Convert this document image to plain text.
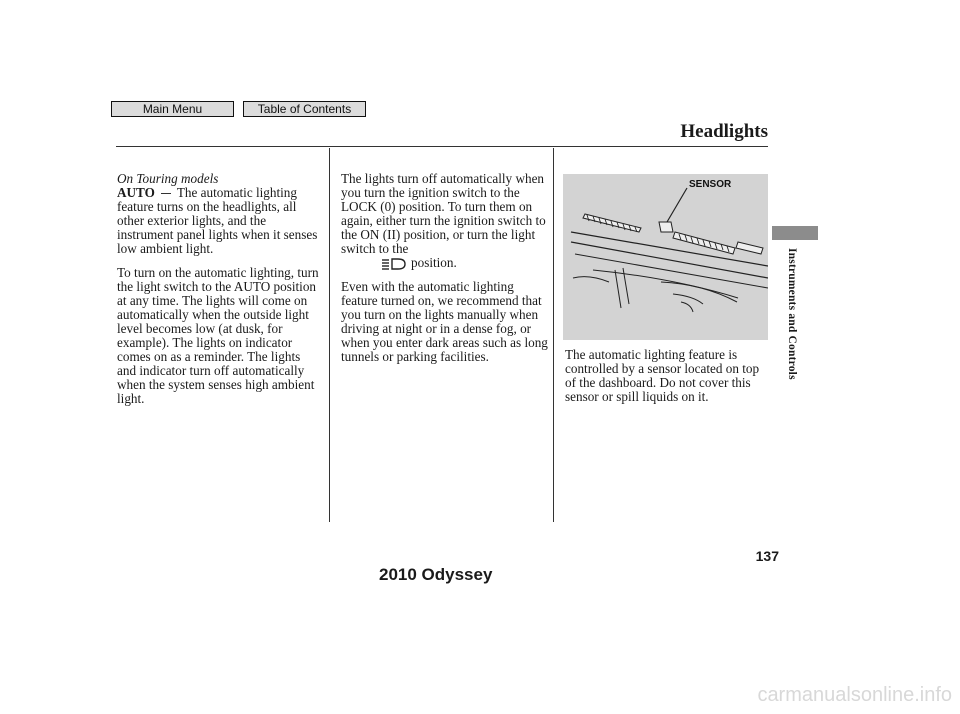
Main Menu	Table of Contents
Headlights

On Touring models
AUTO The automatic lighting feature turns on the headlights, all other exterior lights, and the instrument panel lights when it senses low ambient light.

To turn on the automatic lighting, turn the light switch to the AUTO position at any time. The lights will come on automatically when the outside light level becomes low (at dusk, for example). The lights on indicator comes on as a reminder. The lights and indicator turn off automatically when the system senses high ambient light.

The lights turn off automatically when you turn the ignition switch to the LOCK (0) position. To turn them on again, either turn the ignition switch to the ON (II) position, or turn the light switch to the
position.

Even with the automatic lighting feature turned on, we recommend that you turn on the lights manually when driving at night or in a dense fog, or when you enter dark areas such as long tunnels or parking facilities.

SENSOR

The automatic lighting feature is controlled by a sensor located on top of the dashboard. Do not cover this sensor or spill liquids on it.

Instruments and Controls
137
2010 Odyssey
carmanualsonline.info
